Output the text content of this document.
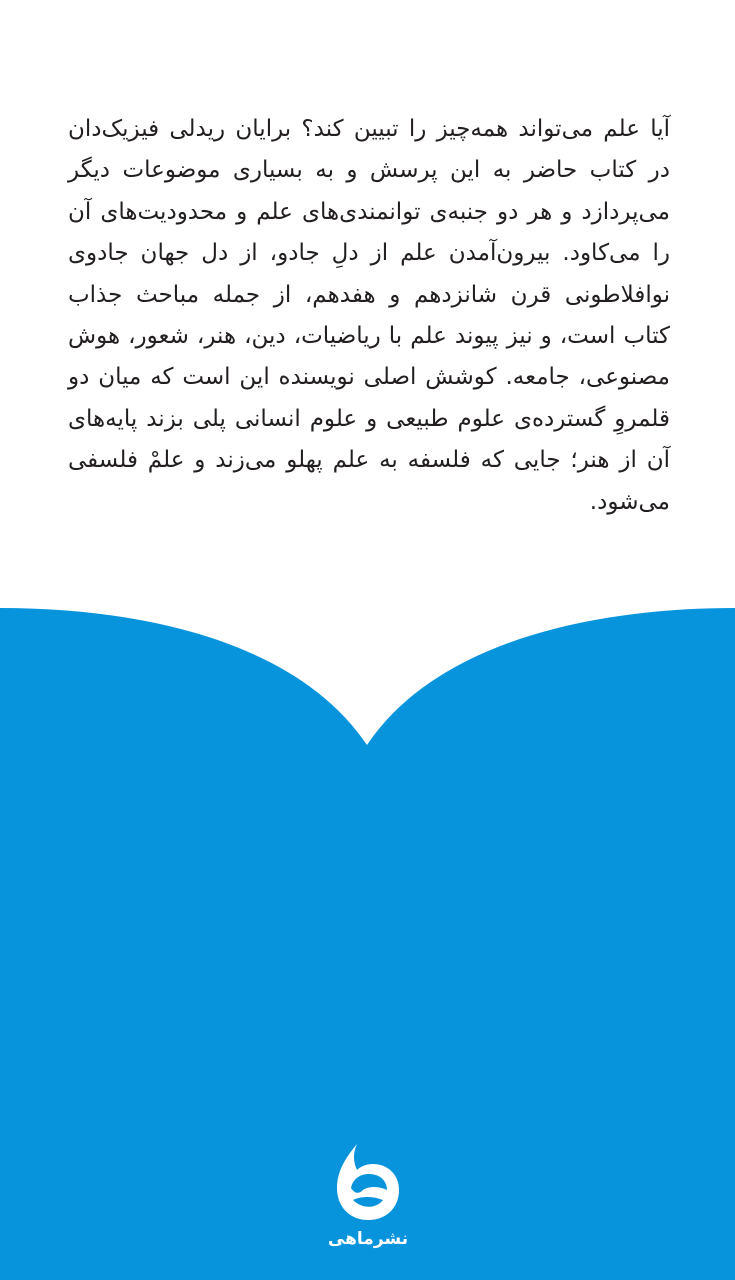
آیا علم می‌تواند همه‌چیز را تبیین کند؟ برایان ریدلی فیزیک‌دان در کتاب حاضر به این پرسش و به بسیاری موضوعات دیگر می‌پردازد و هر دو جنبه‌ی توانمندی‌های علم و محدودیت‌های آن را می‌کاود. بیرون‌آمدن علم از دلِ جادو، از دل جهان جادوی نوافلاطونی قرن شانزدهم و هفدهم، از جمله مباحث جذاب کتاب است، و نیز پیوند علم با ریاضیات، دین، هنر، شعور، هوش مصنوعی، جامعه. کوشش اصلی نویسنده این است که میان دو قلمروِ گسترده‌ی علوم طبیعی و علوم انسانی پلی بزند پایه‌های آن از هنر؛ جایی که فلسفه به علم پهلو می‌زند و علمْ فلسفی می‌شود.

نشرماهی
